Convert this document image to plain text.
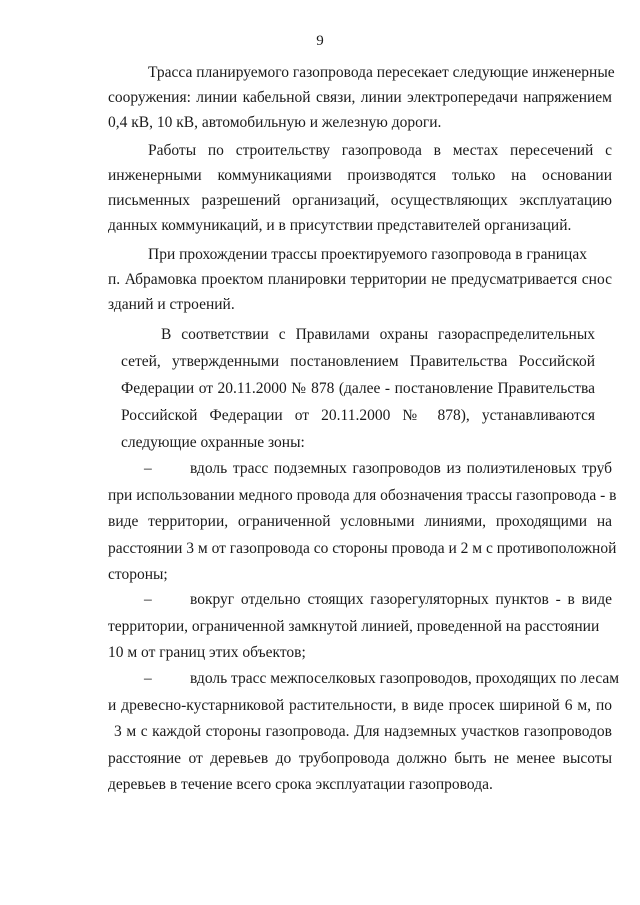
9
Трасса планируемого газопровода пересекает следующие инженерные
сооружения: линии кабельной связи, линии электропередачи напряжением
0,4 кВ, 10 кВ, автомобильную и железную дороги.
Работы по строительству газопровода в местах пересечений с
инженерными коммуникациями производятся только на основании
письменных разрешений организаций, осуществляющих эксплуатацию
данных коммуникаций, и в присутствии представителей организаций.
При прохождении трассы проектируемого газопровода в границах
п. Абрамовка проектом планировки территории не предусматривается снос
зданий и строений.
В соответствии с Правилами охраны газораспределительных
сетей, утвержденными постановлением Правительства Российской
Федерации от 20.11.2000 № 878 (далее - постановление Правительства
Российской Федерации от 20.11.2000 № 878), устанавливаются
следующие охранные зоны:
– вдоль трасс подземных газопроводов из полиэтиленовых труб
при использовании медного провода для обозначения трассы газопровода - в
виде территории, ограниченной условными линиями, проходящими на
расстоянии 3 м от газопровода со стороны провода и 2 м с противоположной
стороны;
– вокруг отдельно стоящих газорегуляторных пунктов - в виде
территории, ограниченной замкнутой линией, проведенной на расстоянии
10 м от границ этих объектов;
– вдоль трасс межпоселковых газопроводов, проходящих по лесам
и древесно-кустарниковой растительности, в виде просек шириной 6 м, по
3 м с каждой стороны газопровода. Для надземных участков газопроводов
расстояние от деревьев до трубопровода должно быть не менее высоты
деревьев в течение всего срока эксплуатации газопровода.
